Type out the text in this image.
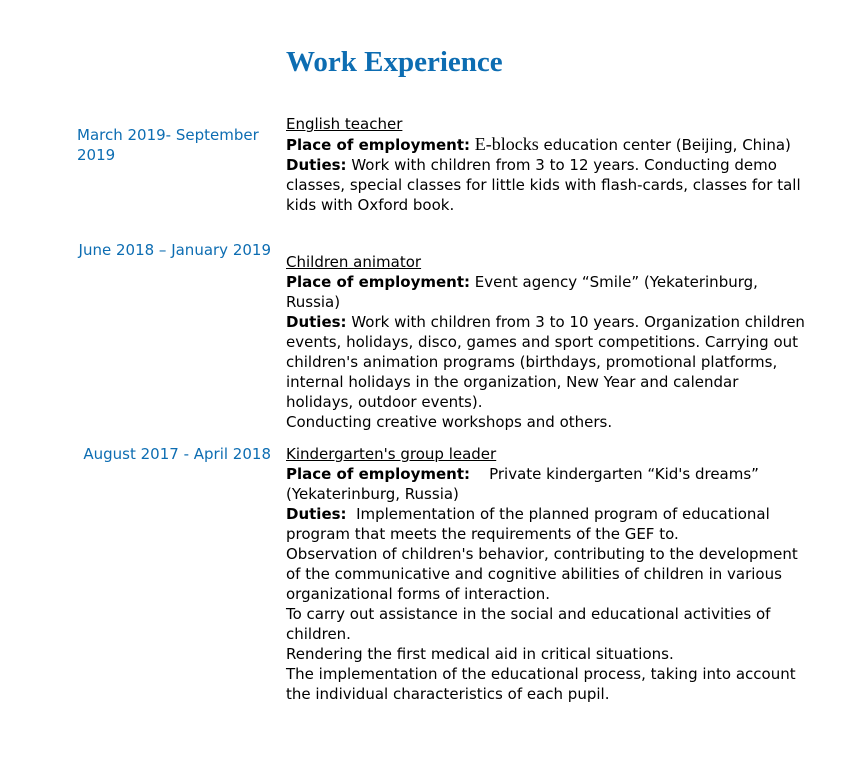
Work Experience
March 2019- September 2019
English teacher

Place of employment: E-blocks education center (Beijing, China)

Duties: Work with children from 3 to 12 years. Conducting demo classes, special classes for little kids with flash-cards, classes for tall kids with Oxford book.

June 2018 – January 2019
Children animator

Place of employment: Event agency “Smile” (Yekaterinburg, Russia)

Duties: Work with children from 3 to 10 years. Organization children events, holidays, disco, games and sport competitions. Carrying out children's animation programs (birthdays, promotional platforms, internal holidays in the organization, New Year and calendar holidays, outdoor events).

Conducting creative workshops and others.
August 2017 - April 2018 Kindergarten's group leader

Place of employment:    Private kindergarten “Kid's dreams” (Yekaterinburg, Russia)

Duties:  Implementation of the planned program of educational program that meets the requirements of the GEF to.

Observation of children's behavior, contributing to the development of the communicative and cognitive abilities of children in various organizational forms of interaction.
To carry out assistance in the social and educational activities of children.
Rendering the first medical aid in critical situations.
The implementation of the educational process, taking into account the individual characteristics of each pupil.
